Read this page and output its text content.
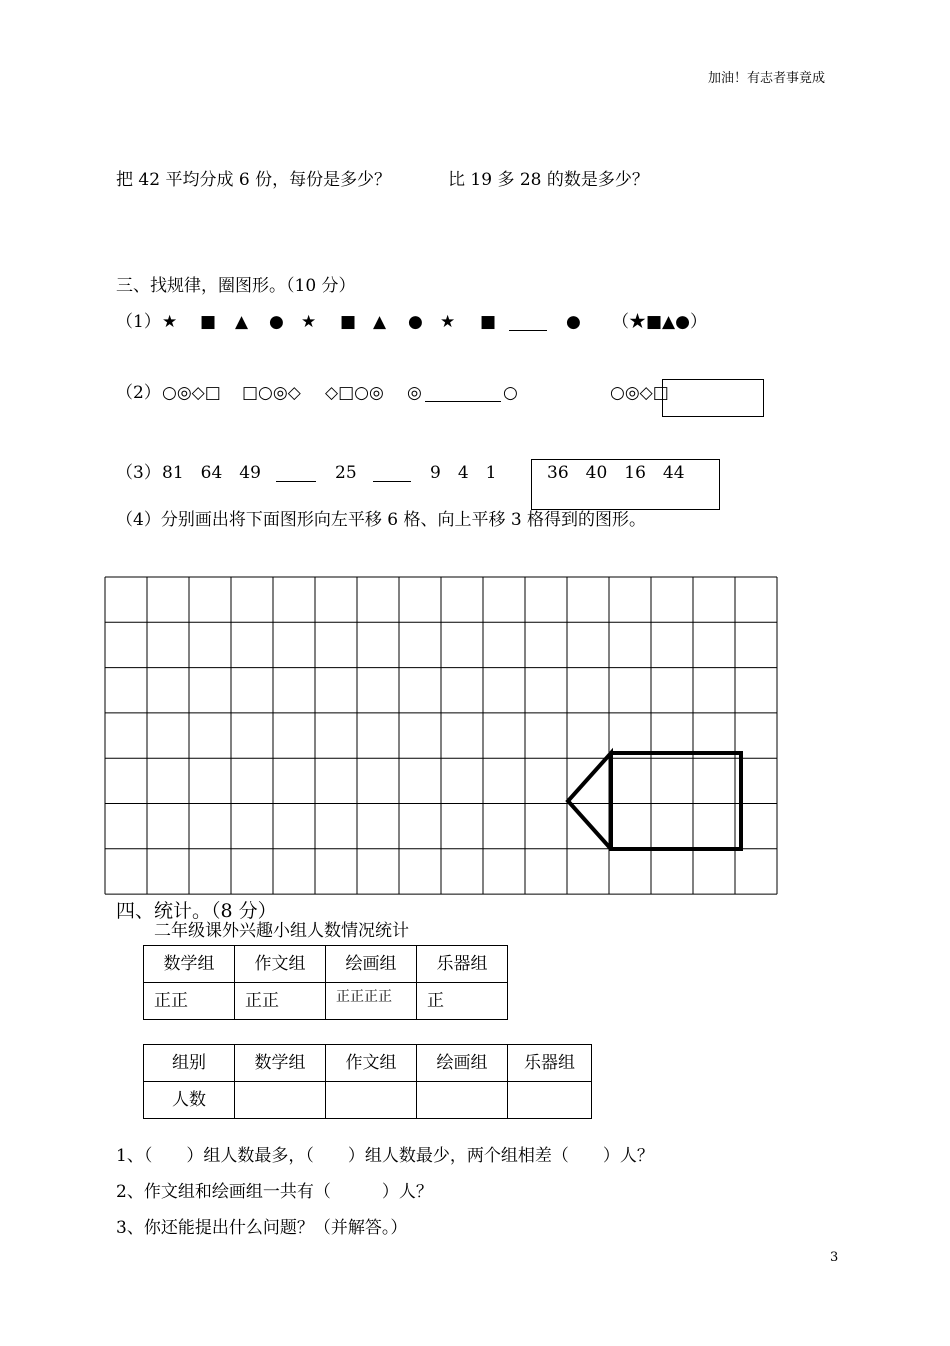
加油！有志者事竟成
把 42 平均分成 6 份，每份是多少？	比 19 多 28 的数是多少？
三、找规律，圈图形。（10 分）
（1） ★ ■ ▲ ● ★ ■ ▲ ● ★ ■	● （★■▲●）
（2） ○◎◇□ □○◎◇ ◇□○◎ ◎	○	○◎◇□
（3） 81　64　49	25	9　4　1	36　40　16　44
（4）分别画出将下面图形向左平移 6 格、向上平移 3 格得到的图形。
四、统计。（8 分）
二年级课外兴趣小组人数情况统计
数学组	作文组	绘画组	乐器组
正正	正正	正正正正	正
组别	数学组	作文组	绘画组	乐器组
人数				
1、（　　）组人数最多，（　　）组人数最少，两个组相差（　　）人？
2、作文组和绘画组一共有（　　　）人？
3、你还能提出什么问题？（并解答。）
3
